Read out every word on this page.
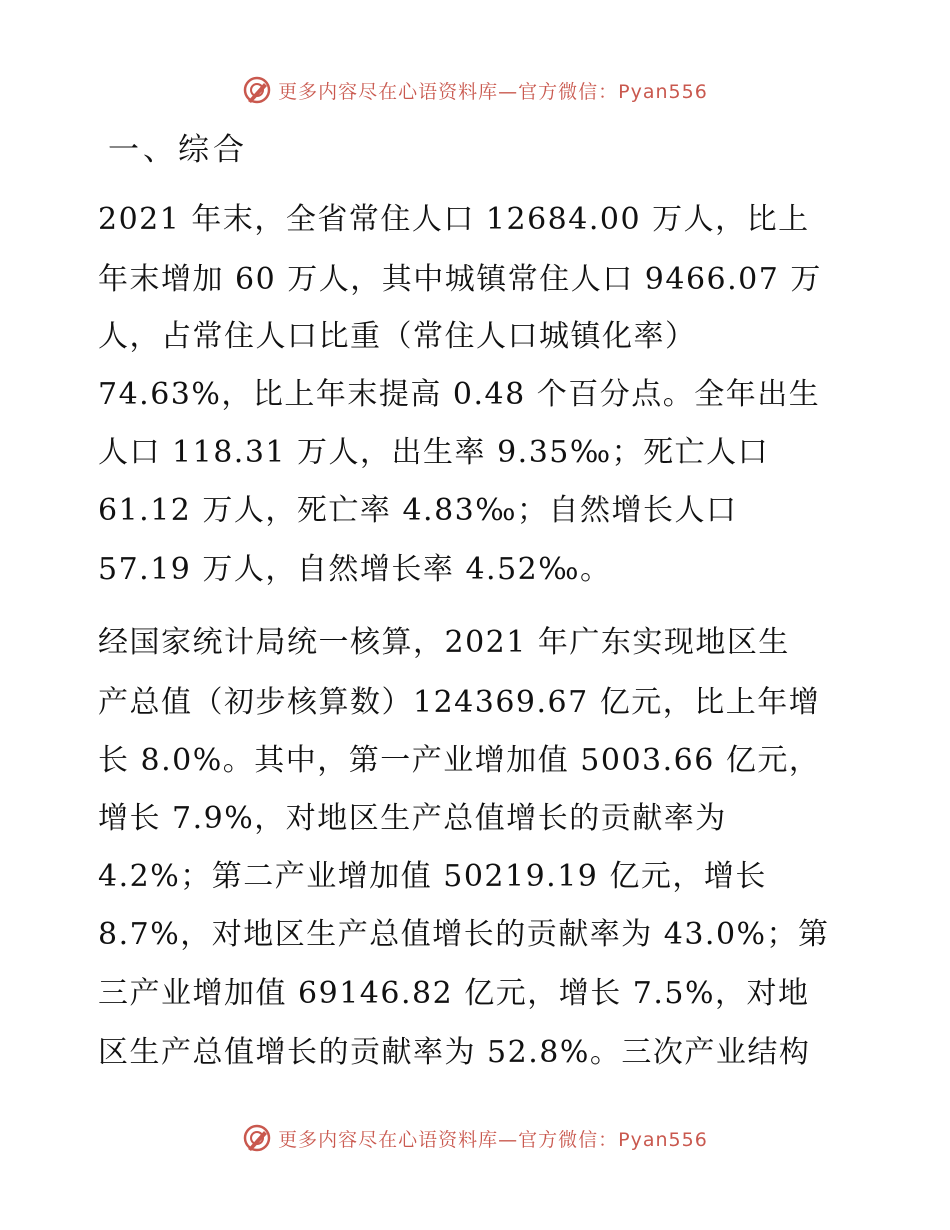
更多内容尽在心语资料库—官方微信：Pyan556
一、综合
2021 年末，全省常住人口 12684.00 万人，比上
年末增加 60 万人，其中城镇常住人口 9466.07 万
人，占常住人口比重（常住人口城镇化率）
74.63%，比上年末提高 0.48 个百分点。全年出生
人口 118.31 万人，出生率 9.35‰；死亡人口
61.12 万人，死亡率 4.83‰；自然增长人口
57.19 万人，自然增长率 4.52‰。
经国家统计局统一核算，2021 年广东实现地区生
产总值（初步核算数）124369.67 亿元，比上年增
长 8.0%。其中，第一产业增加值 5003.66 亿元，
增长 7.9%，对地区生产总值增长的贡献率为
4.2%；第二产业增加值 50219.19 亿元，增长
8.7%，对地区生产总值增长的贡献率为 43.0%；第
三产业增加值 69146.82 亿元，增长 7.5%，对地
区生产总值增长的贡献率为 52.8%。三次产业结构
更多内容尽在心语资料库—官方微信：Pyan556
